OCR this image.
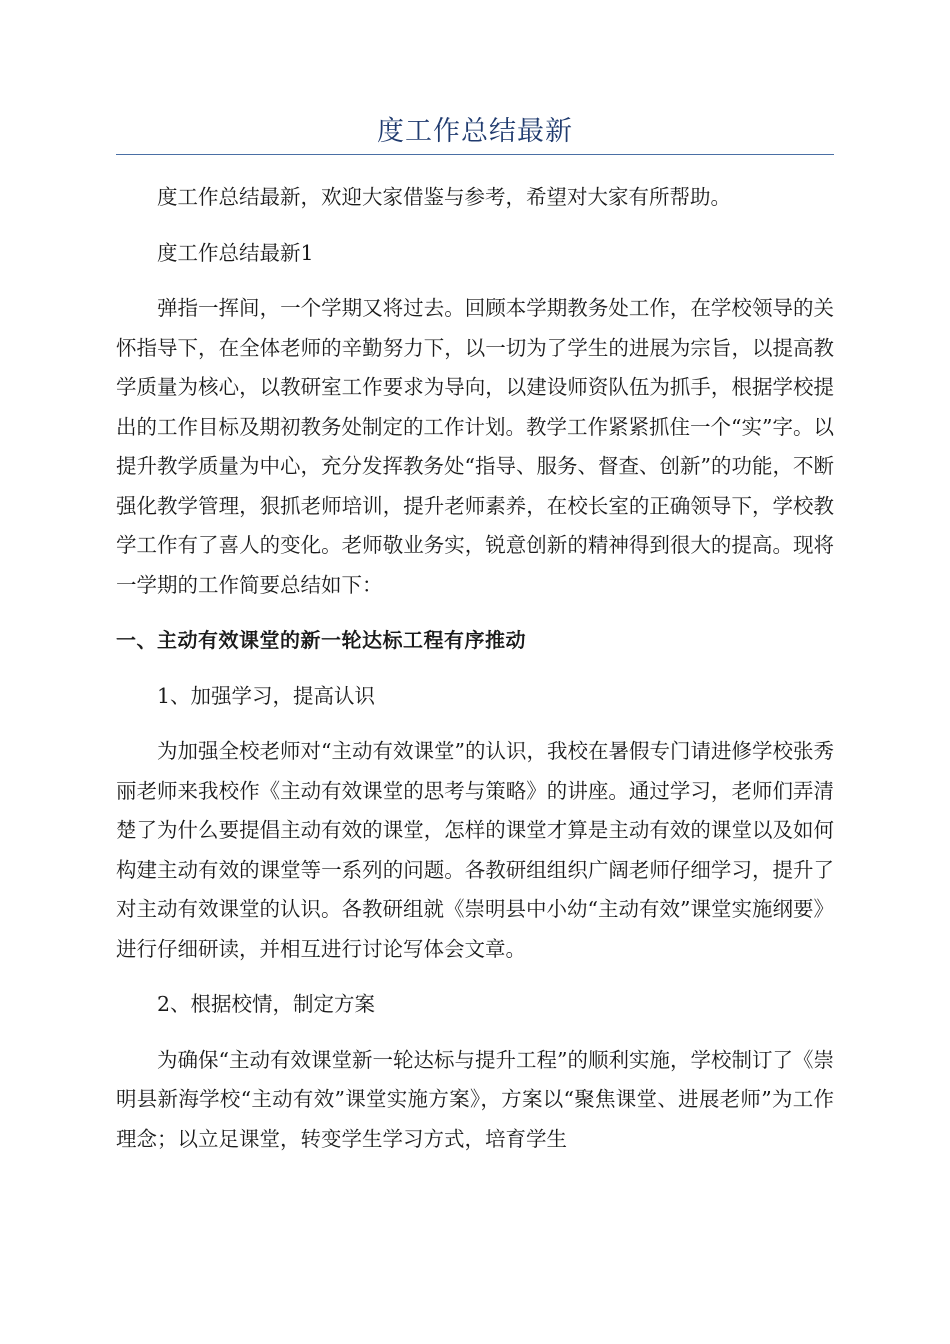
度工作总结最新

度工作总结最新，欢迎大家借鉴与参考，希望对大家有所帮助。

度工作总结最新1

弹指一挥间，一个学期又将过去。回顾本学期教务处工作，在学校领导的关怀指导下，在全体老师的辛勤努力下，以一切为了学生的进展为宗旨，以提高教学质量为核心，以教研室工作要求为导向，以建设师资队伍为抓手，根据学校提出的工作目标及期初教务处制定的工作计划。教学工作紧紧抓住一个“实”字。以提升教学质量为中心，充分发挥教务处“指导、服务、督查、创新”的功能，不断强化教学管理，狠抓老师培训，提升老师素养，在校长室的正确领导下，学校教学工作有了喜人的变化。老师敬业务实，锐意创新的精神得到很大的提高。现将一学期的工作简要总结如下：

一、主动有效课堂的新一轮达标工程有序推动

1、加强学习，提高认识

为加强全校老师对“主动有效课堂”的认识，我校在暑假专门请进修学校张秀丽老师来我校作《主动有效课堂的思考与策略》的讲座。通过学习，老师们弄清楚了为什么要提倡主动有效的课堂，怎样的课堂才算是主动有效的课堂以及如何构建主动有效的课堂等一系列的问题。各教研组组织广阔老师仔细学习，提升了对主动有效课堂的认识。各教研组就《崇明县中小幼“主动有效”课堂实施纲要》进行仔细研读，并相互进行讨论写体会文章。

2、根据校情，制定方案

为确保“主动有效课堂新一轮达标与提升工程”的顺利实施，学校制订了《崇明县新海学校“主动有效”课堂实施方案》，方案以“聚焦课堂、进展老师”为工作理念；以立足课堂，转变学生学习方式，培育学生
